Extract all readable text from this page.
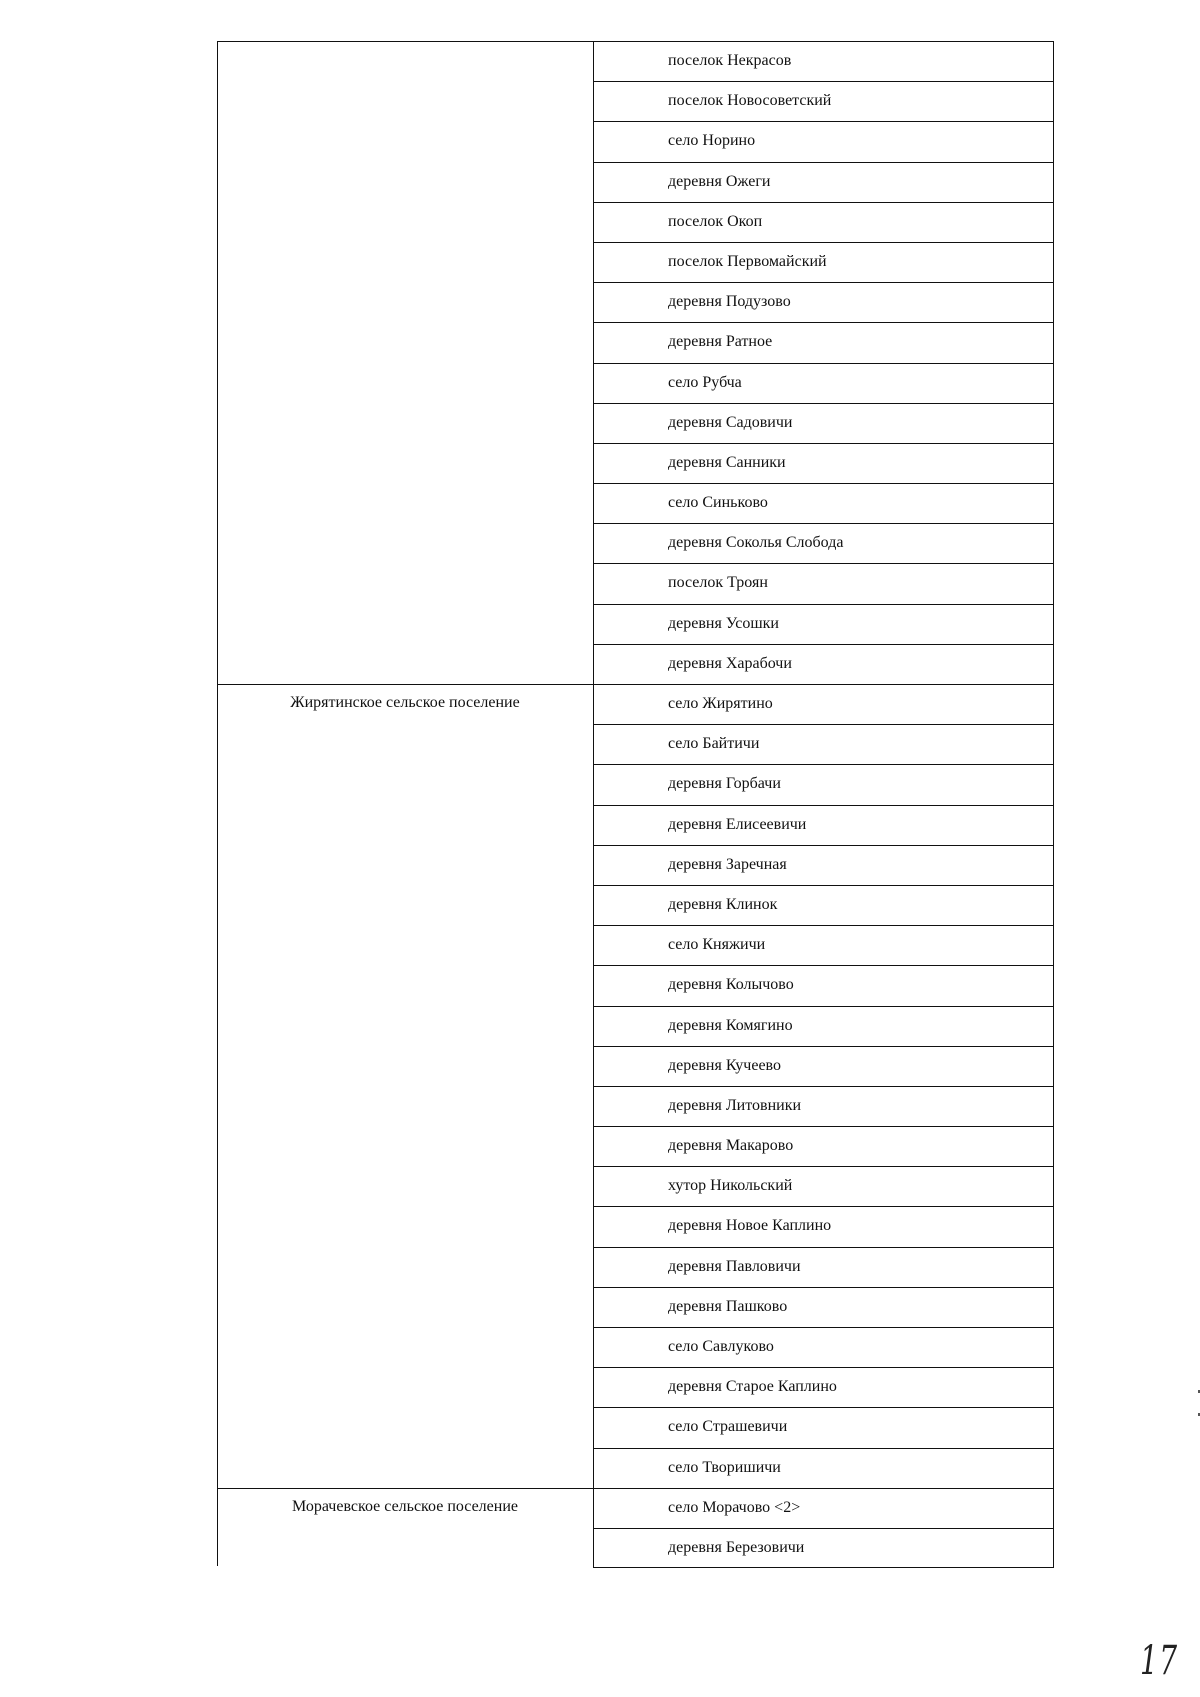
Жирятинское сельское поселение
Морачевское сельское поселение
поселок Некрасов
поселок Новосоветский
село Норино
деревня Ожеги
поселок Окоп
поселок Первомайский
деревня Подузово
деревня Ратное
село Рубча
деревня Садовичи
деревня Санники
село Синьково
деревня Соколья Слобода
поселок Троян
деревня Усошки
деревня Харабочи
село Жирятино
село Байтичи
деревня Горбачи
деревня Елисеевичи
деревня Заречная
деревня Клинок
село Княжичи
деревня Колычово
деревня Комягино
деревня Кучеево
деревня Литовники
деревня Макарово
хутор Никольский
деревня Новое Каплино
деревня Павловичи
деревня Пашково
село Савлуково
деревня Старое Каплино
село Страшевичи
село Творишичи
село Морачово <2>
деревня Березовичи
17
